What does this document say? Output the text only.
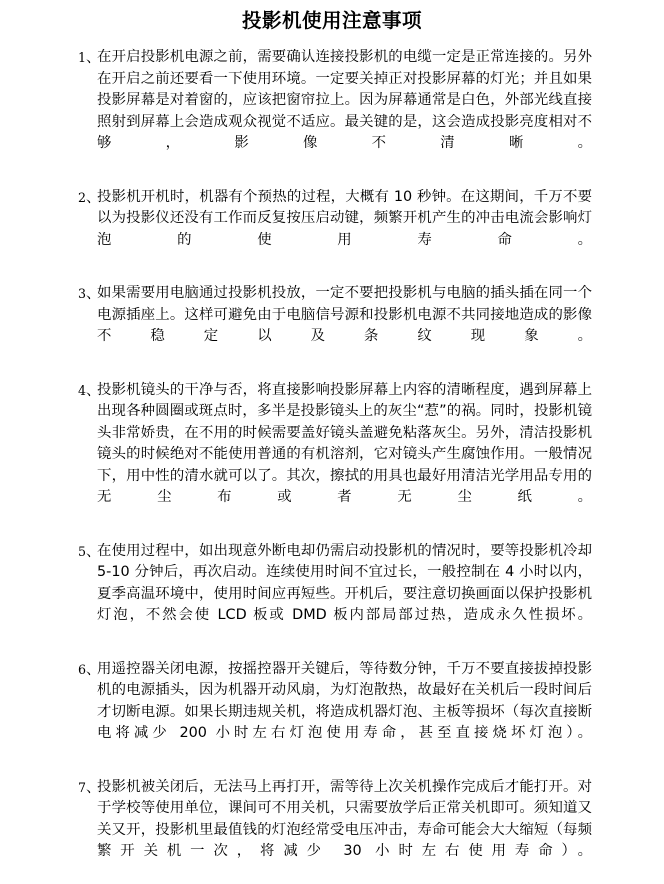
投影机使用注意事项
1、
在开启投影机电源之前，需要确认连接投影机的电缆一定是正常连接的。另外在开启之前还要看一下使用环境。一定要关掉正对投影屏幕的灯光；并且如果投影屏幕是对着窗的，应该把窗帘拉上。因为屏幕通常是白色，外部光线直接照射到屏幕上会造成观众视觉不适应。最关键的是，这会造成投影亮度相对不够，影像不清晰。
2、
投影机开机时，机器有个预热的过程，大概有 10 秒钟。在这期间，千万不要以为投影仪还没有工作而反复按压启动键，频繁开机产生的冲击电流会影响灯泡的使用寿命。
3、
如果需要用电脑通过投影机投放，一定不要把投影机与电脑的插头插在同一个电源插座上。这样可避免由于电脑信号源和投影机电源不共同接地造成的影像不稳定以及条纹现象。
4、
投影机镜头的干净与否，将直接影响投影屏幕上内容的清晰程度，遇到屏幕上出现各种圆圈或斑点时，多半是投影镜头上的灰尘“惹”的祸。同时，投影机镜头非常娇贵，在不用的时候需要盖好镜头盖避免粘落灰尘。另外，清洁投影机镜头的时候绝对不能使用普通的有机溶剂，它对镜头产生腐蚀作用。一般情况下，用中性的清水就可以了。其次，擦拭的用具也最好用清洁光学用品专用的无尘布或者无尘纸。
5、
在使用过程中，如出现意外断电却仍需启动投影机的情况时，要等投影机冷却 5-10 分钟后，再次启动。连续使用时间不宜过长，一般控制在 4 小时以内，夏季高温环境中，使用时间应再短些。开机后，要注意切换画面以保护投影机灯泡，不然会使 LCD 板或 DMD 板内部局部过热，造成永久性损坏。
6、
用遥控器关闭电源，按摇控器开关键后，等待数分钟，千万不要直接拔掉投影机的电源插头，因为机器开动风扇，为灯泡散热，故最好在关机后一段时间后才切断电源。如果长期违规关机，将造成机器灯泡、主板等损坏（每次直接断电将减少 200 小时左右灯泡使用寿命，甚至直接烧坏灯泡）。
7、
投影机被关闭后，无法马上再打开，需等待上次关机操作完成后才能打开。对于学校等使用单位，课间可不用关机，只需要放学后正常关机即可。须知道又关又开，投影机里最值钱的灯泡经常受电压冲击，寿命可能会大大缩短（每频繁开关机一次，将减少 30 小时左右使用寿命）。
